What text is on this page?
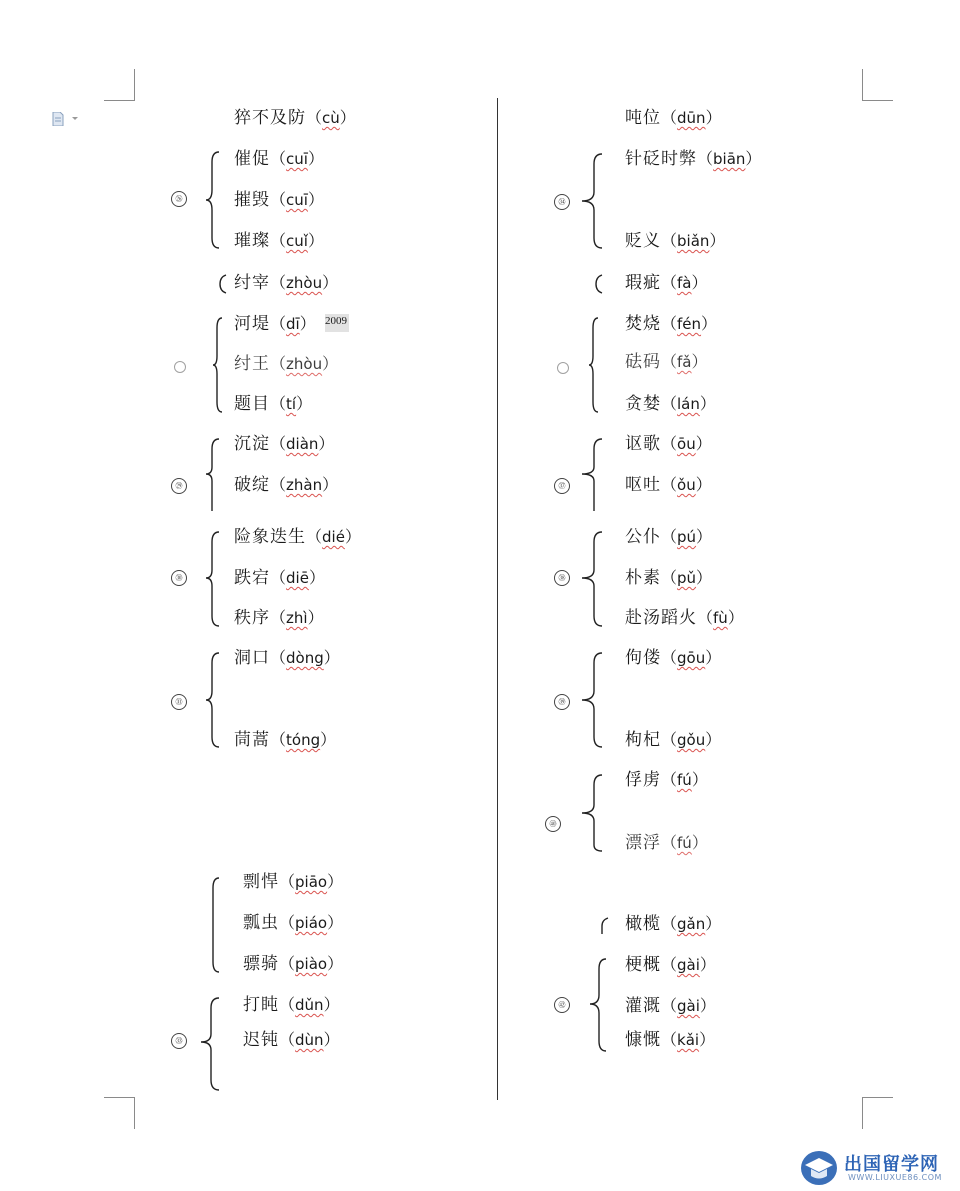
猝不及防（cù）
㉖
催促（cuī）
摧毁（cuī）
璀璨（cuǐ）
纣宰（zhòu）
河堤（dī） 2009
纣王（zhòu）
题目（tí）
㉙
沉淀（diàn）
破绽（zhàn）
㉚
险象迭生（dié）
跌宕（diē）
秩序（zhì）
㉛
洞口（dòng）
茼蒿（tóng）
剽悍（piāo）
瓢虫（piáo）
骠骑（piào）
㉝
打盹（dǔn）
迟钝（dùn）
吨位（dūn）
㉞
针砭时弊（biān）
贬义（biǎn）
瑕疵（fà）
焚烧（fén）
砝码（fǎ）
贪婪（lán）
㊲
讴歌（ōu）
呕吐（ǒu）
㊳
公仆（pú）
朴素（pǔ）
赴汤蹈火（fù）
㊴
佝偻（gōu）
枸杞（gǒu）
㊵
俘虏（fú）
漂浮（fú）
橄榄（gǎn）
㊷
梗概（gài）
灌溉（gài）
慷慨（kǎi）
出国留学网
WWW.LIUXUE86.COM
